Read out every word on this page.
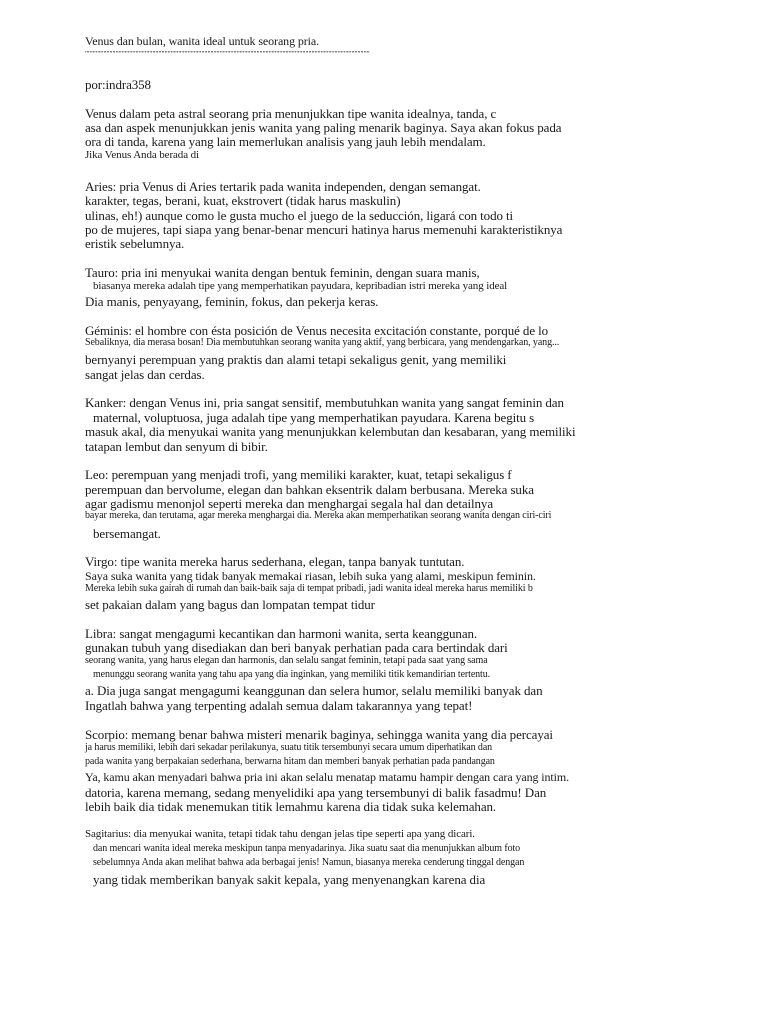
Venus dan bulan, wanita ideal untuk seorang pria.
"""""""""""""""""""""""""""""""""""""""""""""""""""""""""""""""""""""""""""""""""""""""""""""
por:indra358
Venus dalam peta astral seorang pria menunjukkan tipe wanita idealnya, tanda, c
asa dan aspek menunjukkan jenis wanita yang paling menarik baginya. Saya akan fokus pada
ora di tanda, karena yang lain memerlukan analisis yang jauh lebih mendalam.
Jika Venus Anda berada di
Aries: pria Venus di Aries tertarik pada wanita independen, dengan semangat.
karakter, tegas, berani, kuat, ekstrovert (tidak harus maskulin)
ulinas, eh!) aunque como le gusta mucho el juego de la seducción, ligará con todo ti
po de mujeres, tapi siapa yang benar-benar mencuri hatinya harus memenuhi karakteristiknya
eristik sebelumnya.
Tauro: pria ini menyukai wanita dengan bentuk feminin, dengan suara manis,
biasanya mereka adalah tipe yang memperhatikan payudara, kepribadian istri mereka yang ideal
Dia manis, penyayang, feminin, fokus, dan pekerja keras.
Géminis: el hombre con ésta posición de Venus necesita excitación constante, porqué de lo
Sebaliknya, dia merasa bosan! Dia membutuhkan seorang wanita yang aktif, yang berbicara, yang mendengarkan, yang...
bernyanyi perempuan yang praktis dan alami tetapi sekaligus genit, yang memiliki
sangat jelas dan cerdas.
Kanker: dengan Venus ini, pria sangat sensitif, membutuhkan wanita yang sangat feminin dan
maternal, voluptuosa, juga adalah tipe yang memperhatikan payudara. Karena begitu s
masuk akal, dia menyukai wanita yang menunjukkan kelembutan dan kesabaran, yang memiliki
tatapan lembut dan senyum di bibir.
Leo: perempuan yang menjadi trofi, yang memiliki karakter, kuat, tetapi sekaligus f
perempuan dan bervolume, elegan dan bahkan eksentrik dalam berbusana. Mereka suka
agar gadismu menonjol seperti mereka dan menghargai segala hal dan detailnya
bayar mereka, dan terutama, agar mereka menghargai dia. Mereka akan memperhatikan seorang wanita dengan ciri-ciri
bersemangat.
Virgo: tipe wanita mereka harus sederhana, elegan, tanpa banyak tuntutan.
Saya suka wanita yang tidak banyak memakai riasan, lebih suka yang alami, meskipun feminin.
Mereka lebih suka gairah di rumah dan baik-baik saja di tempat pribadi, jadi wanita ideal mereka harus memiliki b
set pakaian dalam yang bagus dan lompatan tempat tidur
Libra: sangat mengagumi kecantikan dan harmoni wanita, serta keanggunan.
gunakan tubuh yang disediakan dan beri banyak perhatian pada cara bertindak dari
seorang wanita, yang harus elegan dan harmonis, dan selalu sangat feminin, tetapi pada saat yang sama
menunggu seorang wanita yang tahu apa yang dia inginkan, yang memiliki titik kemandirian tertentu.
a. Dia juga sangat mengagumi keanggunan dan selera humor, selalu memiliki banyak dan
Ingatlah bahwa yang terpenting adalah semua dalam takarannya yang tepat!
Scorpio: memang benar bahwa misteri menarik baginya, sehingga wanita yang dia percayai
ja harus memiliki, lebih dari sekadar perilakunya, suatu titik tersembunyi secara umum diperhatikan dan
pada wanita yang berpakaian sederhana, berwarna hitam dan memberi banyak perhatian pada pandangan
Ya, kamu akan menyadari bahwa pria ini akan selalu menatap matamu hampir dengan cara yang intim.
datoria, karena memang, sedang menyelidiki apa yang tersembunyi di balik fasadmu! Dan
lebih baik dia tidak menemukan titik lemahmu karena dia tidak suka kelemahan.
Sagitarius: dia menyukai wanita, tetapi tidak tahu dengan jelas tipe seperti apa yang dicari.
dan mencari wanita ideal mereka meskipun tanpa menyadarinya. Jika suatu saat dia menunjukkan album foto
sebelumnya Anda akan melihat bahwa ada berbagai jenis! Namun, biasanya mereka cenderung tinggal dengan
yang tidak memberikan banyak sakit kepala, yang menyenangkan karena dia
